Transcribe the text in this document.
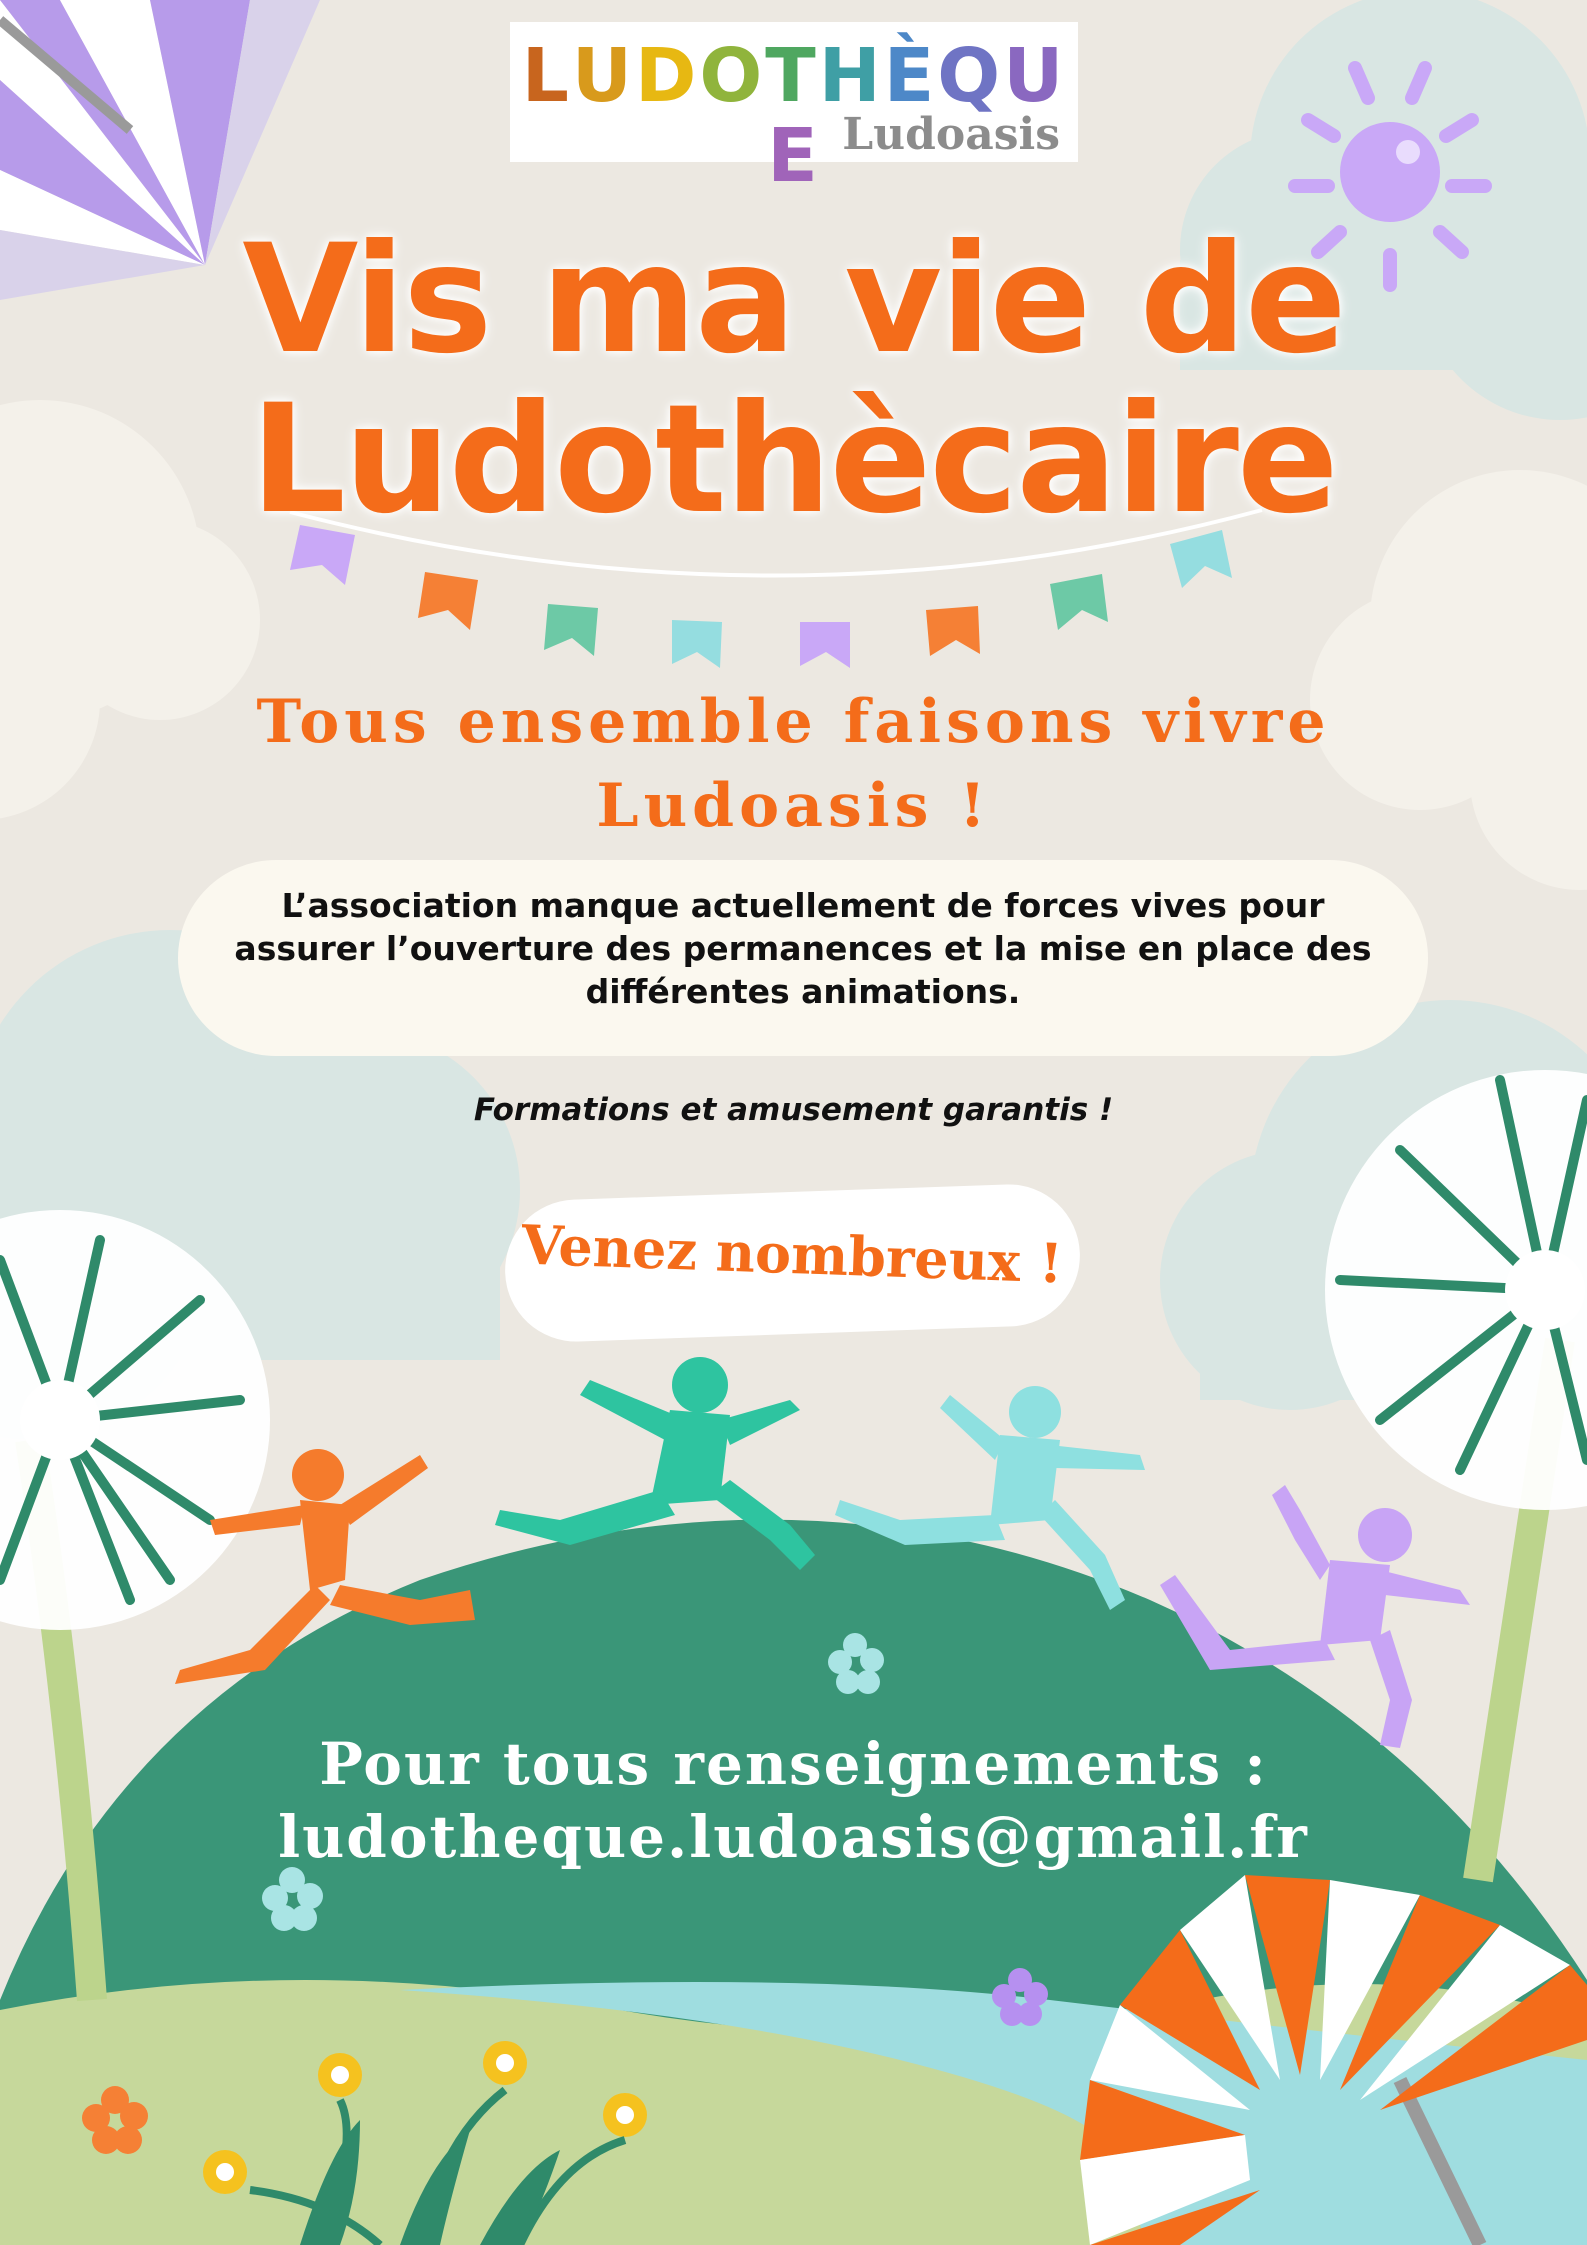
LUDOTHÈQUE Ludoasis
Vis ma vie de
Ludothècaire
Tous ensemble faisons vivre
Ludoasis !
L’association manque actuellement de forces vives pour assurer l’ouverture des permanences et la mise en place des différentes animations.
Formations et amusement garantis !
Venez nombreux !
Pour tous renseignements :
ludotheque.ludoasis@gmail.fr
